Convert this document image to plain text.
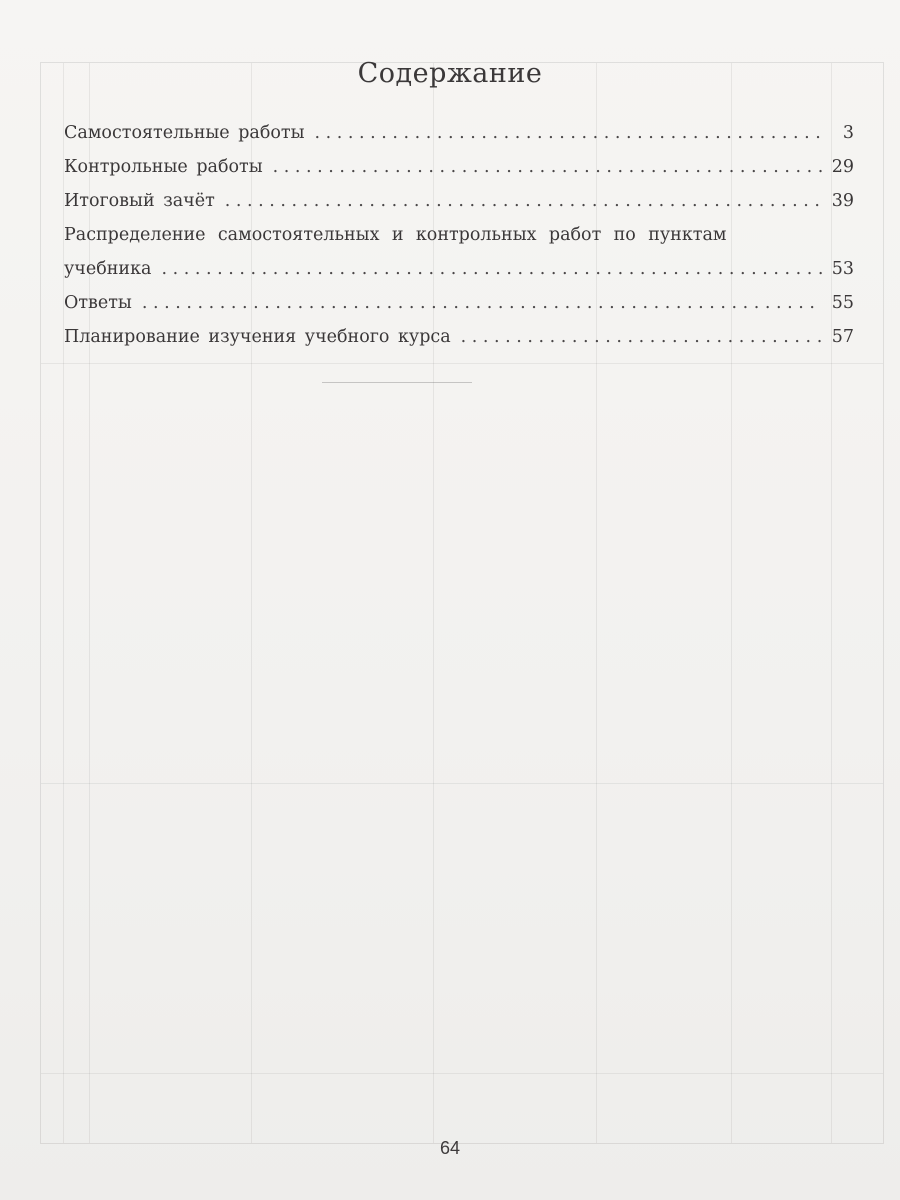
Содержание
Самостоятельные работы . . .	3
Контрольные работы . . .	29
Итоговый зачёт . . .	39
Распределение самостоятельных и контрольных работ по пунктам
учебника . . .	53
Ответы . . .	55
Планирование изучения учебного курса . . .	57
64
